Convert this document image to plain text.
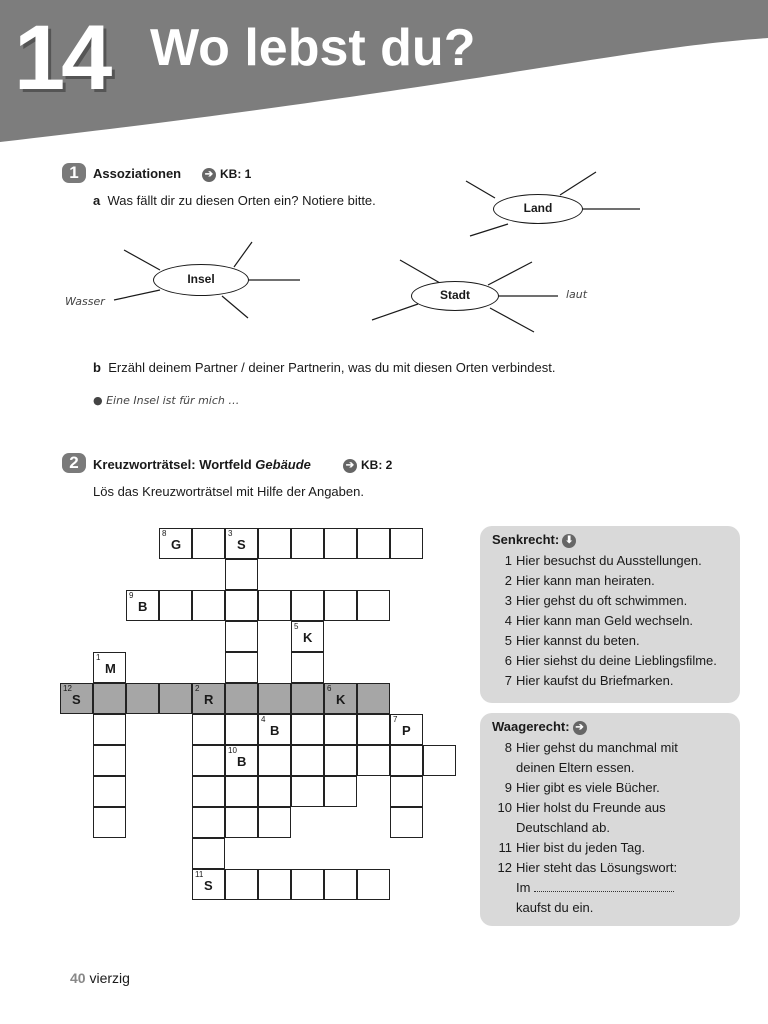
14 Wo lebst du?
1	Assoziationen ➔ KB: 1
a Was fällt dir zu diesen Orten ein? Notiere bitte.	Land
Insel
Stadt
Wasser
laut
b Erzähl deinem Partner / deiner Partnerin, was du mit diesen Orten verbindest.
● Eine Insel ist für mich …
2	Kreuzworträtsel: Wortfeld Gebäude	➔ KB: 2
Lös das Kreuzworträtsel mit Hilfe der Angaben.
8
G
3
S
9
B
5
K
1
M
12
S
2
R
6
K
4
B
7
P
10
B
11
S
Senkrecht: ⬇
1 Hier besuchst du Ausstellungen.
2 Hier kann man heiraten.
3 Hier gehst du oft schwimmen.
4 Hier kann man Geld wechseln.
5 Hier kannst du beten.
6 Hier siehst du deine Lieblingsfilme.
7 Hier kaufst du Briefmarken.
Waagerecht: ➔
8 Hier gehst du manchmal mit
deinen Eltern essen.
9 Hier gibt es viele Bücher.
10 Hier holst du Freunde aus
Deutschland ab.
11 Hier bist du jeden Tag.
12 Hier steht das Lösungswort:
Im
kaufst du ein.
40 vierzig
